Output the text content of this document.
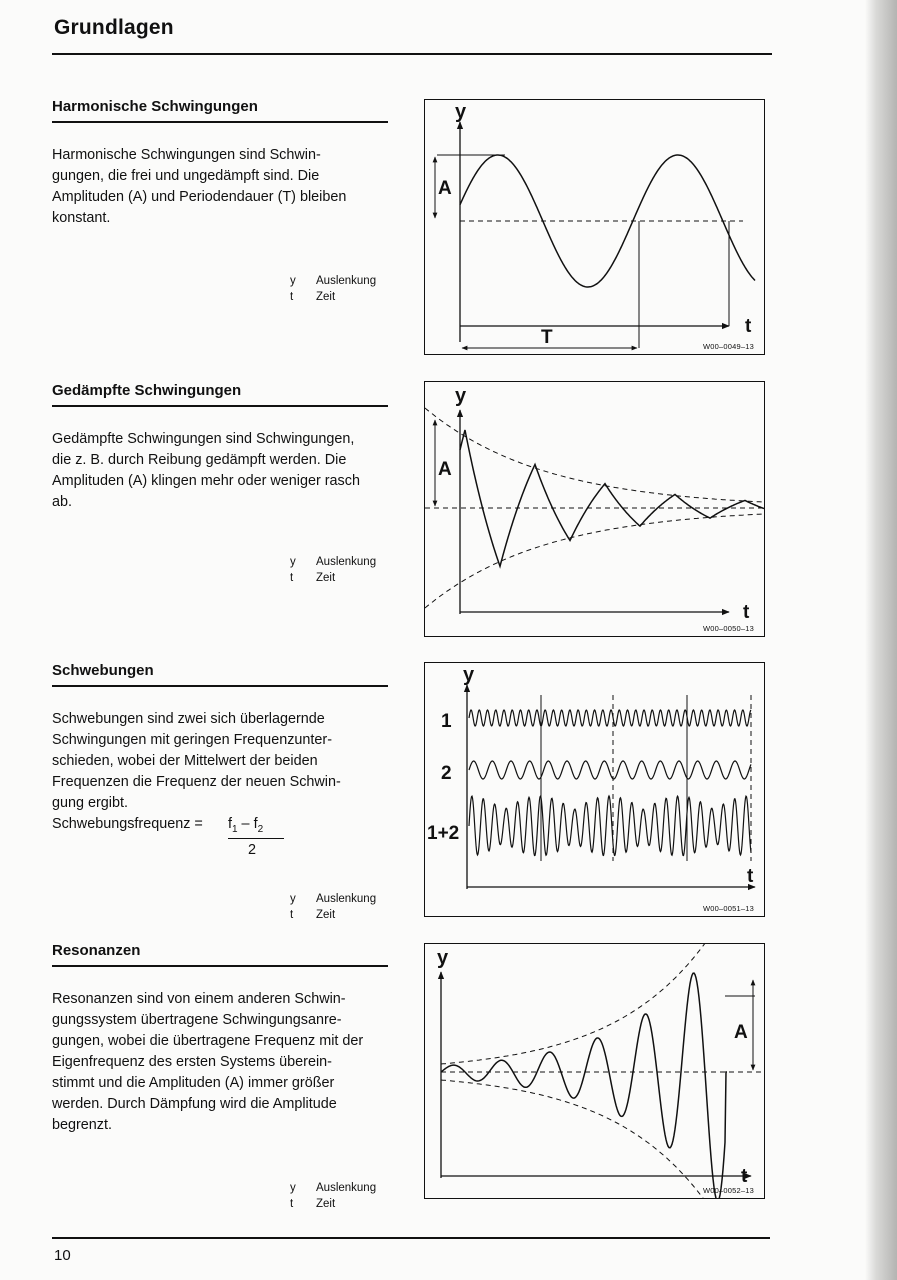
Grundlagen
Harmonische Schwingungen
Harmonische Schwingungen sind Schwin-
gungen, die frei und ungedämpft sind. Die
Amplituden (A) und Periodendauer (T) bleiben
konstant.
y	Auslenkung
t	Zeit
y
t
A
T	W00–0049–13
Gedämpfte Schwingungen
Gedämpfte Schwingungen sind Schwingungen,
die z. B. durch Reibung gedämpft werden. Die
Amplituden (A) klingen mehr oder weniger rasch
ab.
y	Auslenkung
t	Zeit
y
t
A
W00–0050–13
Schwebungen
Schwebungen sind zwei sich überlagernde
Schwingungen mit geringen Frequenzunter-
schieden, wobei der Mittelwert der beiden
Frequenzen die Frequenz der neuen Schwin-
gung ergibt.
Schwebungsfrequenz = $f_1 - f_2$
2
y	Auslenkung
t	Zeit
y
t
1
2
1+2
W00–0051–13
Resonanzen
Resonanzen sind von einem anderen Schwin-
gungssystem übertragene Schwingungsanre-
gungen, wobei die übertragene Frequenz mit der
Eigenfrequenz des ersten Systems überein-
stimmt und die Amplituden (A) immer größer
werden. Durch Dämpfung wird die Amplitude
begrenzt.
y	Auslenkung
t	Zeit
y
t
A
W00–0052–13
10
